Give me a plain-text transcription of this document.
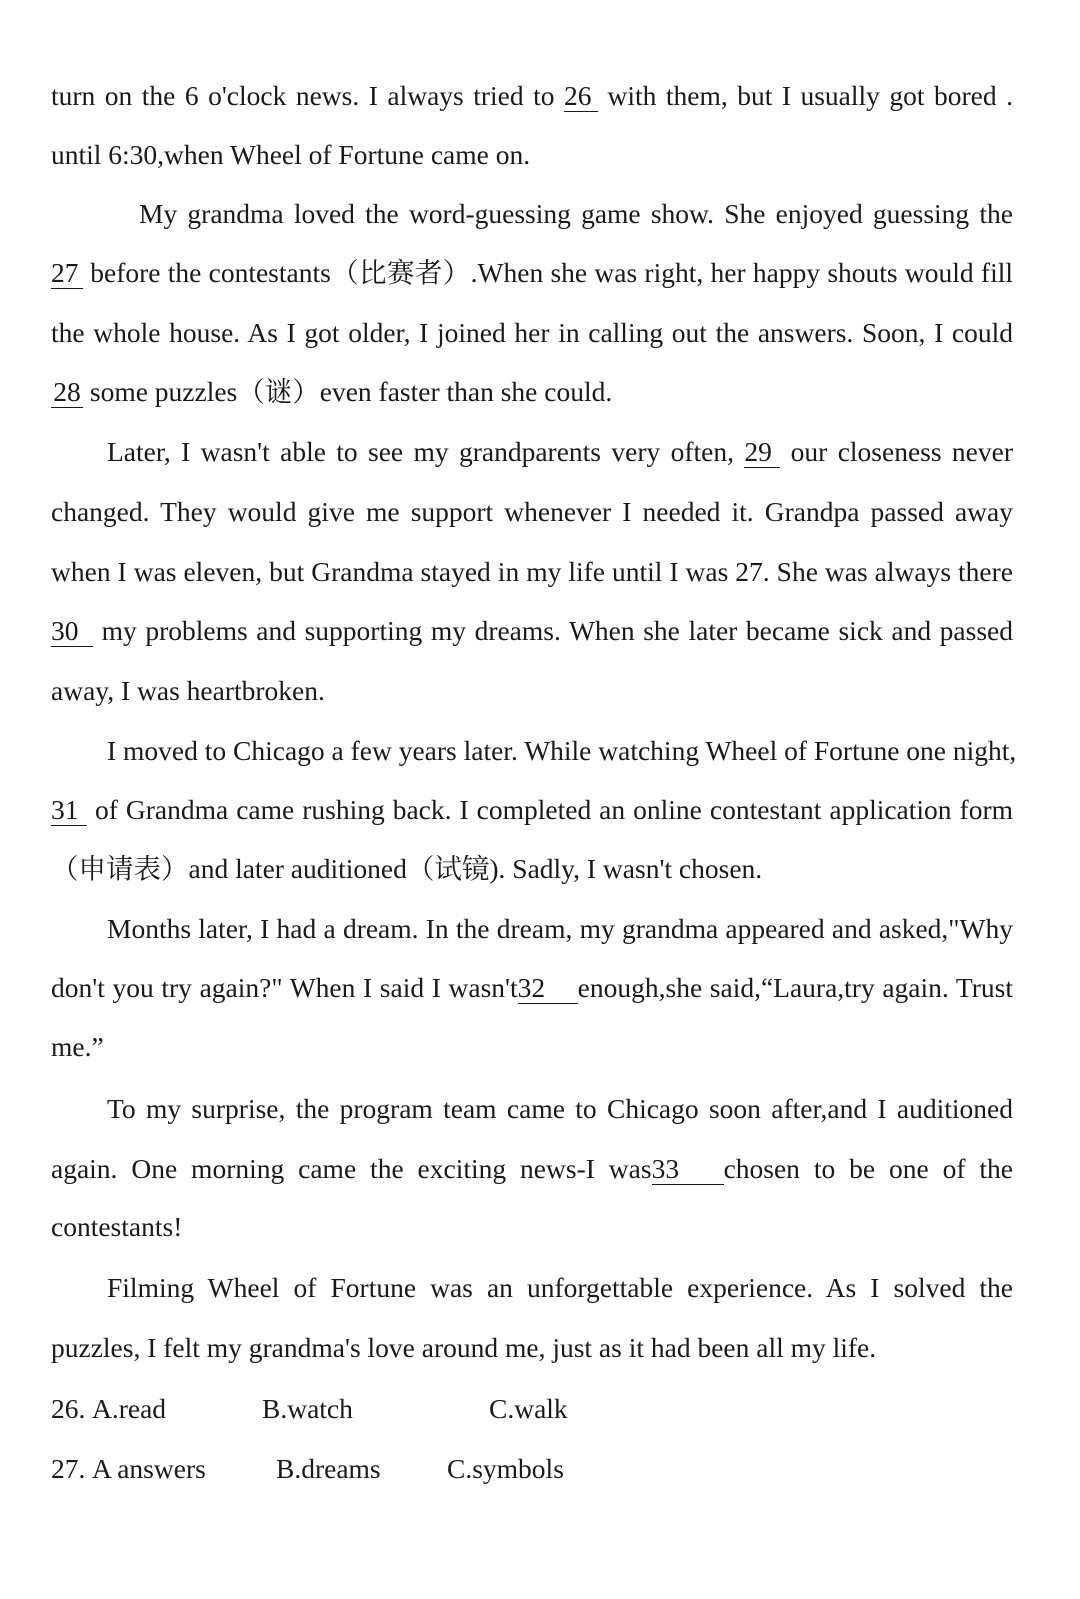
turn on the 6 o'clock news. I always tried to 26 with them, but I usually got bored .
until 6:30,when Wheel of Fortune came on.
My grandma loved the word-guessing game show. She enjoyed guessing the
27 before the contestants（比赛者）.When she was right, her happy shouts would fill
the whole house. As I got older, I joined her in calling out the answers. Soon, I could
28 some puzzles（谜）even faster than she could.
Later, I wasn't able to see my grandparents very often, 29 our closeness never
changed. They would give me support whenever I needed it. Grandpa passed away
when I was eleven, but Grandma stayed in my life until I was 27. She was always there
30 my problems and supporting my dreams. When she later became sick and passed
away, I was heartbroken.
I moved to Chicago a few years later. While watching Wheel of Fortune one night,
31 of Grandma came rushing back. I completed an online contestant application form
（申请表）and later auditioned（试镜). Sadly, I wasn't chosen.
Months later, I had a dream. In the dream, my grandma appeared and asked,"Why
don't you try again?" When I said I wasn't32 enough,she said,“Laura,try again. Trust
me.”
To my surprise, the program team came to Chicago soon after,and I auditioned
again. One morning came the exciting news-I was33 chosen to be one of the
contestants!
Filming Wheel of Fortune was an unforgettable experience. As I solved the
puzzles, I felt my grandma's love around me, just as it had been all my life.
26. A.read	B.watch	C.walk
27. A answers	B.dreams C.symbols
